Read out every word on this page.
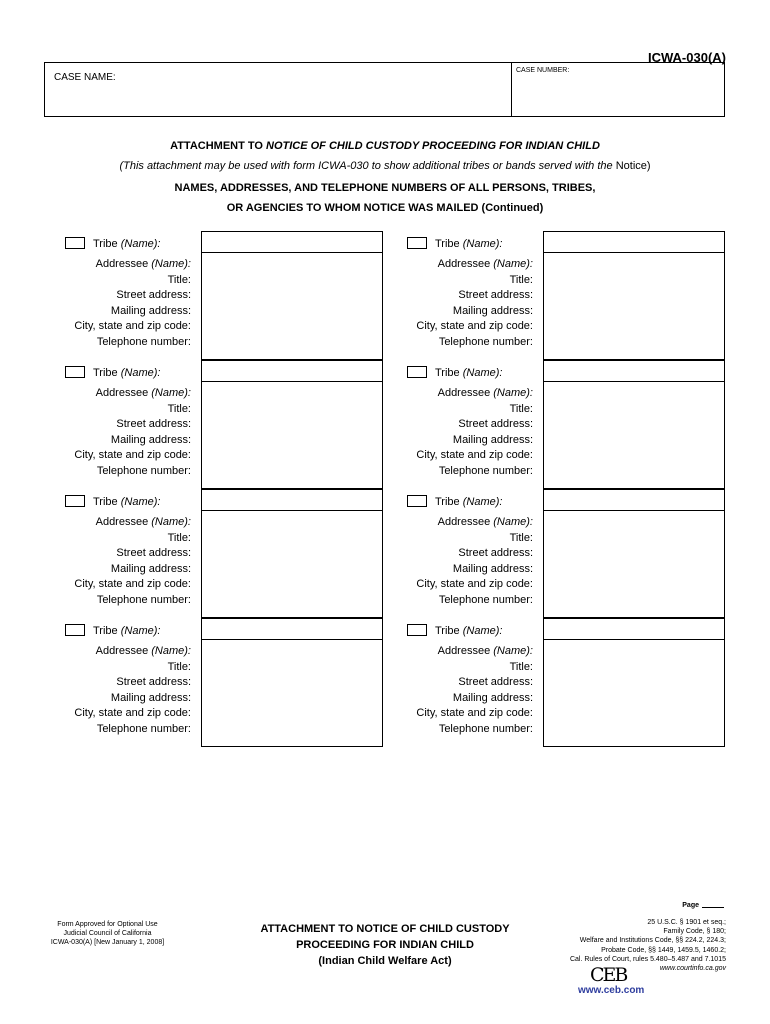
ICWA-030(A)
CASE NAME:
CASE NUMBER:
ATTACHMENT TO NOTICE OF CHILD CUSTODY PROCEEDING FOR INDIAN CHILD
(This attachment may be used with form ICWA-030 to show additional tribes or bands served with the Notice)
NAMES, ADDRESSES, AND TELEPHONE NUMBERS OF ALL PERSONS, TRIBES,
OR AGENCIES TO WHOM NOTICE WAS MAILED (Continued)
Tribe (Name):
Addressee (Name):
Title:
Street address:
Mailing address:
City, state and zip code:
Telephone number:
Tribe (Name):
Addressee (Name):
Title:
Street address:
Mailing address:
City, state and zip code:
Telephone number:
Tribe (Name):
Addressee (Name):
Title:
Street address:
Mailing address:
City, state and zip code:
Telephone number:
Tribe (Name):
Addressee (Name):
Title:
Street address:
Mailing address:
City, state and zip code:
Telephone number:
Tribe (Name):
Addressee (Name):
Title:
Street address:
Mailing address:
City, state and zip code:
Telephone number:
Tribe (Name):
Addressee (Name):
Title:
Street address:
Mailing address:
City, state and zip code:
Telephone number:
Tribe (Name):
Addressee (Name):
Title:
Street address:
Mailing address:
City, state and zip code:
Telephone number:
Tribe (Name):
Addressee (Name):
Title:
Street address:
Mailing address:
City, state and zip code:
Telephone number:
Form Approved for Optional Use
Judicial Council of California
ICWA-030(A) [New January 1, 2008]
ATTACHMENT TO NOTICE OF CHILD CUSTODY
PROCEEDING FOR INDIAN CHILD
(Indian Child Welfare Act)
Page
25 U.S.C. § 1901 et seq.;
Family Code, § 180;
Welfare and Institutions Code, §§ 224.2, 224.3;
Probate Code, §§ 1449, 1459.5, 1460.2;
Cal. Rules of Court, rules 5.480–5.487 and 7.1015
www.courtinfo.ca.gov
CEB
www.ceb.com
